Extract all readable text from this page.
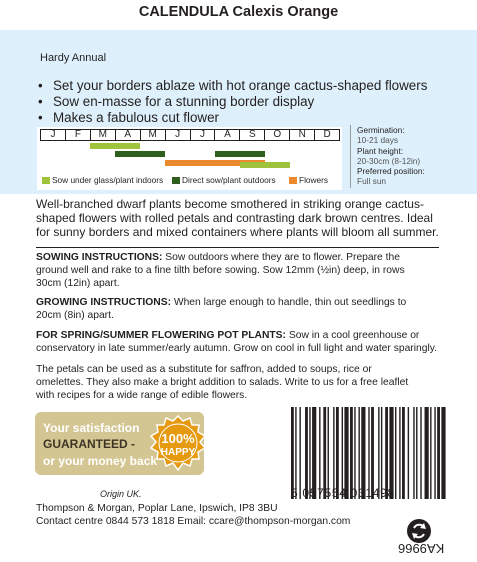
CALENDULA Calexis Orange
Hardy Annual
• Set your borders ablaze with hot orange cactus-shaped flowers
• Sow en-masse for a stunning border display
• Makes a fabulous cut flower
J	F	M	A	M	J	J	A	S	O	N	D
Sow under glass/plant indoors	Direct sow/plant outdoors	Flowers
Germination:
10-21 days
Plant height:
20-30cm (8-12in)
Preferred position:
Full sun
Well-branched dwarf plants become smothered in striking orange cactus-shaped flowers with rolled petals and contrasting dark brown centres. Ideal for sunny borders and mixed containers where plants will bloom all summer.
SOWING INSTRUCTIONS: Sow outdoors where they are to flower. Prepare the
ground well and rake to a fine tilth before sowing. Sow 12mm (½in) deep, in rows
30cm (12in) apart.
GROWING INSTRUCTIONS: When large enough to handle, thin out seedlings to
20cm (8in) apart.
FOR SPRING/SUMMER FLOWERING POT PLANTS: Sow in a cool greenhouse or
conservatory in late summer/early autumn. Grow on cool in full light and water sparingly.
The petals can be used as a substitute for saffron, added to soups, rice or
omelettes. They also make a bright addition to salads. Write to us for a free leaflet
with recipes for a wide range of edible flowers.
Your satisfaction
GUARANTEED -
or your money back
100%
HAPPY
5 057554 031498
Origin UK.
Thompson & Morgan, Poplar Lane, Ipswich, IP8 3BU
Contact centre 0844 573 1818 Email: ccare@thompson-morgan.com
KA9966
